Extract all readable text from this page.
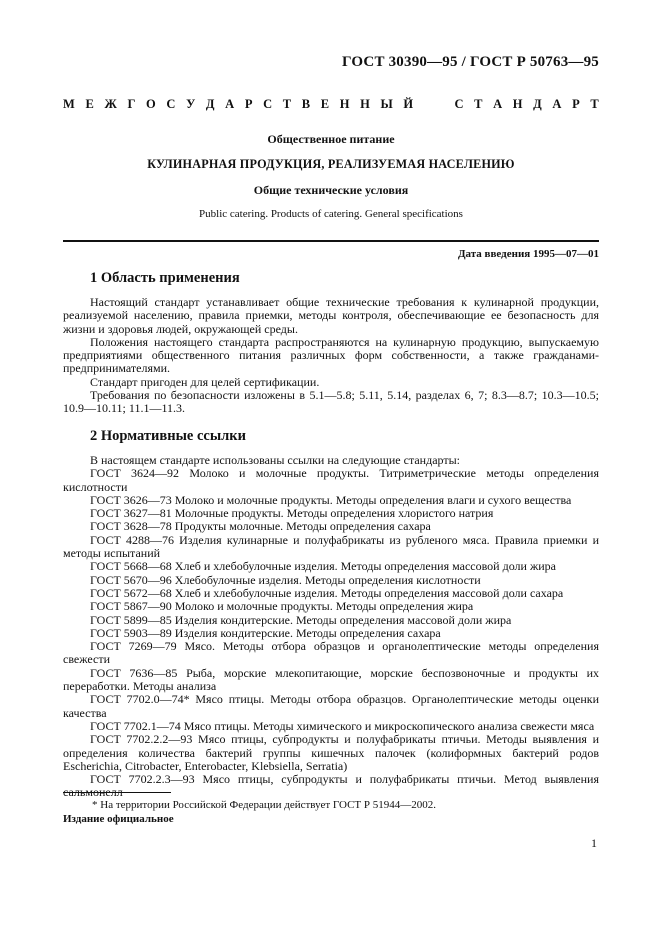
ГОСТ 30390—95 / ГОСТ Р 50763—95
М Е Ж Г О С У Д А Р С Т В Е Н Н Ы Й	С Т А Н Д А Р Т
Общественное питание
КУЛИНАРНАЯ ПРОДУКЦИЯ, РЕАЛИЗУЕМАЯ НАСЕЛЕНИЮ
Общие технические условия
Public catering. Products of catering. General specifications
Дата введения 1995—07—01
1 Область применения

Настоящий стандарт устанавливает общие технические требования к кулинарной продукции, реализуемой населению, правила приемки, методы контроля, обеспечивающие ее безопасность для жизни и здоровья людей, окружающей среды.

Положения настоящего стандарта распространяются на кулинарную продукцию, выпускаемую предприятиями общественного питания различных форм собственности, а также гражданами-предпринимателями.

Стандарт пригоден для целей сертификации.

Требования по безопасности изложены в 5.1—5.8; 5.11, 5.14, разделах 6, 7; 8.3—8.7; 10.3—10.5; 10.9—10.11; 11.1—11.3.

2 Нормативные ссылки

В настоящем стандарте использованы ссылки на следующие стандарты:

ГОСТ 3624—92 Молоко и молочные продукты. Титриметрические методы определения кислотности

ГОСТ 3626—73 Молоко и молочные продукты. Методы определения влаги и сухого вещества

ГОСТ 3627—81 Молочные продукты. Методы определения хлористого натрия

ГОСТ 3628—78 Продукты молочные. Методы определения сахара

ГОСТ 4288—76 Изделия кулинарные и полуфабрикаты из рубленого мяса. Правила приемки и методы испытаний

ГОСТ 5668—68 Хлеб и хлебобулочные изделия. Методы определения массовой доли жира

ГОСТ 5670—96 Хлебобулочные изделия. Методы определения кислотности

ГОСТ 5672—68 Хлеб и хлебобулочные изделия. Методы определения массовой доли сахара

ГОСТ 5867—90 Молоко и молочные продукты. Методы определения жира

ГОСТ 5899—85 Изделия кондитерские. Методы определения массовой доли жира

ГОСТ 5903—89 Изделия кондитерские. Методы определения сахара

ГОСТ 7269—79 Мясо. Методы отбора образцов и органолептические методы определения свежести

ГОСТ 7636—85 Рыба, морские млекопитающие, морские беспозвоночные и продукты их переработки. Методы анализа

ГОСТ 7702.0—74* Мясо птицы. Методы отбора образцов. Органолептические методы оценки качества

ГОСТ 7702.1—74 Мясо птицы. Методы химического и микроскопического анализа свежести мяса

ГОСТ 7702.2.2—93 Мясо птицы, субпродукты и полуфабрикаты птичьи. Методы выявления и определения количества бактерий группы кишечных палочек (колиформных бактерий родов Escherichia, Citrobacter, Enterobacter, Klebsiella, Serratia)

ГОСТ 7702.2.3—93 Мясо птицы, субпродукты и полуфабрикаты птичьи. Метод выявления сальмонелл

* На территории Российской Федерации действует ГОСТ Р 51944—2002.
Издание официальное
1
